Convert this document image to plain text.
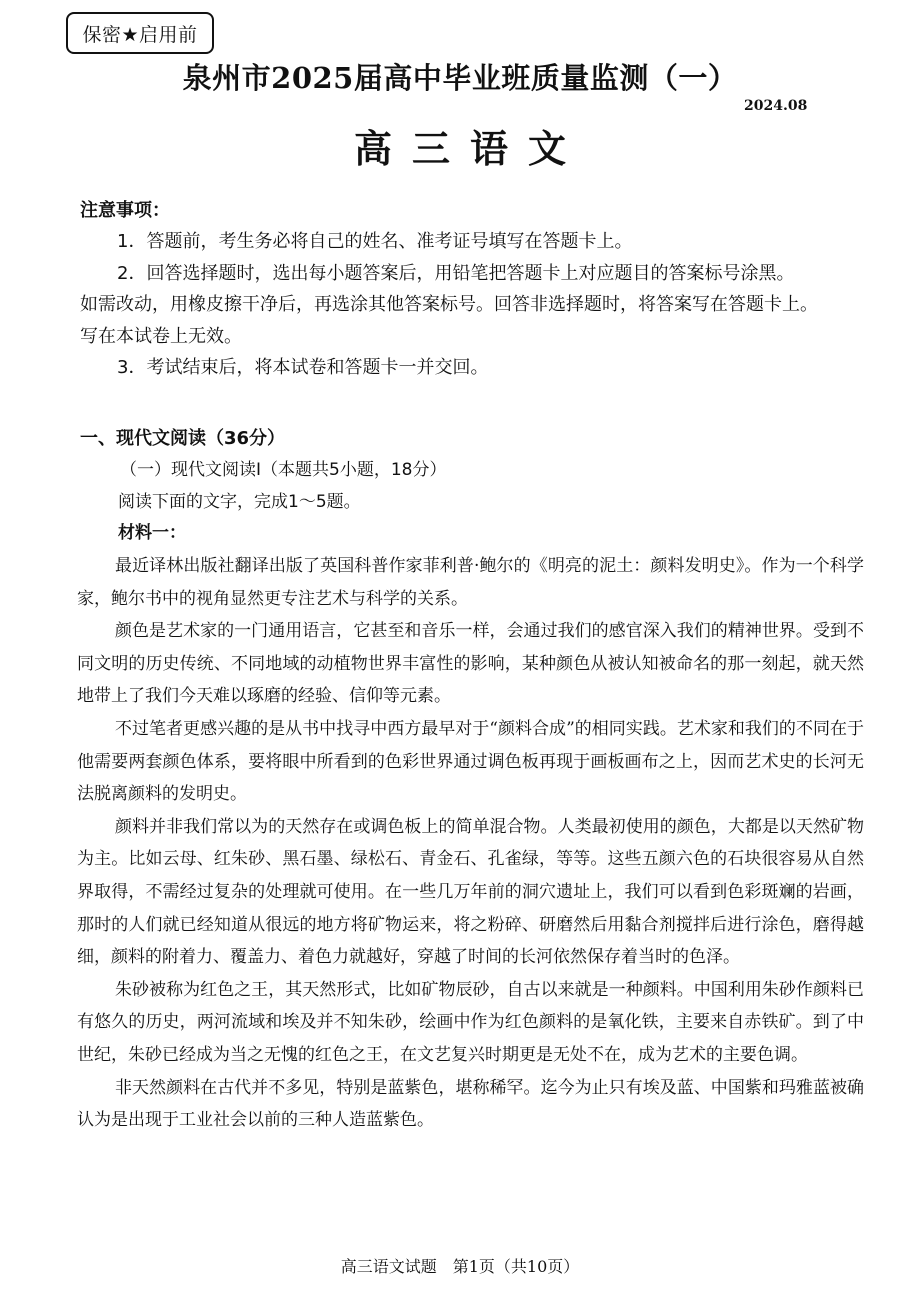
保密★启用前
泉州市2025届高中毕业班质量监测（一）
2024.08
高三语文
注意事项：

1．答题前，考生务必将自己的姓名、准考证号填写在答题卡上。

2．回答选择题时，选出每小题答案后，用铅笔把答题卡上对应题目的答案标号涂黑。

如需改动，用橡皮擦干净后，再选涂其他答案标号。回答非选择题时，将答案写在答题卡上。

写在本试卷上无效。

3．考试结束后，将本试卷和答题卡一并交回。

一、现代文阅读（36分）
（一）现代文阅读Ⅰ（本题共5小题，18分）
阅读下面的文字，完成1～5题。
材料一：

最近译林出版社翻译出版了英国科普作家菲利普·鲍尔的《明亮的泥土：颜料发明史》。作为一个科学家，鲍尔书中的视角显然更专注艺术与科学的关系。

颜色是艺术家的一门通用语言，它甚至和音乐一样，会通过我们的感官深入我们的精神世界。受到不同文明的历史传统、不同地域的动植物世界丰富性的影响，某种颜色从被认知被命名的那一刻起，就天然地带上了我们今天难以琢磨的经验、信仰等元素。

不过笔者更感兴趣的是从书中找寻中西方最早对于“颜料合成”的相同实践。艺术家和我们的不同在于他需要两套颜色体系，要将眼中所看到的色彩世界通过调色板再现于画板画布之上，因而艺术史的长河无法脱离颜料的发明史。

颜料并非我们常以为的天然存在或调色板上的简单混合物。人类最初使用的颜色，大都是以天然矿物为主。比如云母、红朱砂、黑石墨、绿松石、青金石、孔雀绿，等等。这些五颜六色的石块很容易从自然界取得，不需经过复杂的处理就可使用。在一些几万年前的洞穴遗址上，我们可以看到色彩斑斓的岩画，那时的人们就已经知道从很远的地方将矿物运来，将之粉碎、研磨然后用黏合剂搅拌后进行涂色，磨得越细，颜料的附着力、覆盖力、着色力就越好，穿越了时间的长河依然保存着当时的色泽。

朱砂被称为红色之王，其天然形式，比如矿物辰砂，自古以来就是一种颜料。中国利用朱砂作颜料已有悠久的历史，两河流域和埃及并不知朱砂，绘画中作为红色颜料的是氧化铁，主要来自赤铁矿。到了中世纪，朱砂已经成为当之无愧的红色之王，在文艺复兴时期更是无处不在，成为艺术的主要色调。

非天然颜料在古代并不多见，特别是蓝紫色，堪称稀罕。迄今为止只有埃及蓝、中国紫和玛雅蓝被确认为是出现于工业社会以前的三种人造蓝紫色。

高三语文试题　第1页（共10页）
